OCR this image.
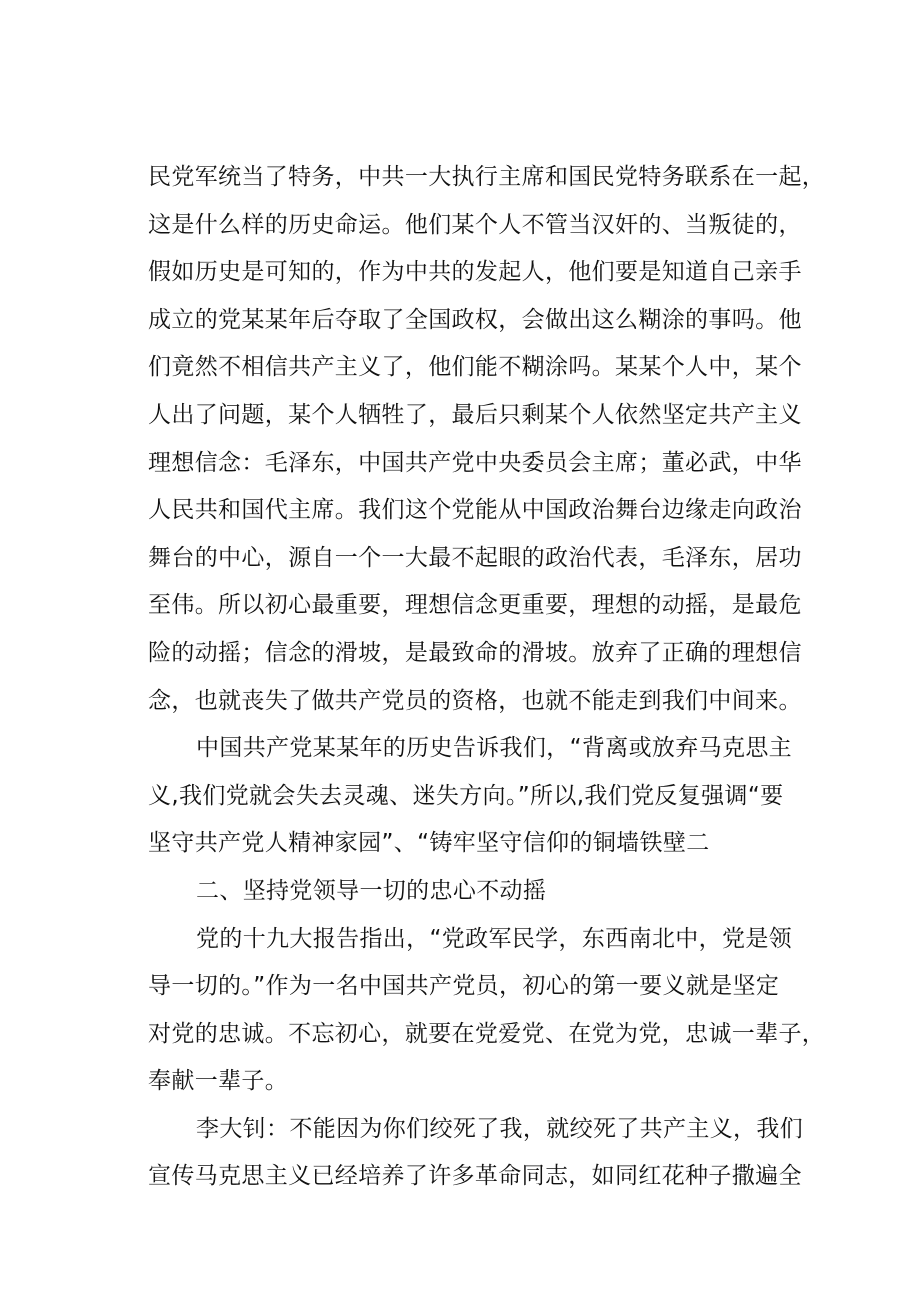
民党军统当了特务，中共一大执行主席和国民党特务联系在一起，
这是什么样的历史命运。他们某个人不管当汉奸的、当叛徒的，
假如历史是可知的，作为中共的发起人，他们要是知道自己亲手
成立的党某某年后夺取了全国政权，会做出这么糊涂的事吗。他
们竟然不相信共产主义了，他们能不糊涂吗。某某个人中，某个
人出了问题，某个人牺牲了，最后只剩某个人依然坚定共产主义
理想信念：毛泽东，中国共产党中央委员会主席；董必武，中华
人民共和国代主席。我们这个党能从中国政治舞台边缘走向政治
舞台的中心，源自一个一大最不起眼的政治代表，毛泽东，居功
至伟。所以初心最重要，理想信念更重要，理想的动摇，是最危
险的动摇；信念的滑坡，是最致命的滑坡。放弃了正确的理想信
念，也就丧失了做共产党员的资格，也就不能走到我们中间来。
中国共产党某某年的历史告诉我们，“背离或放弃马克思主
义,我们党就会失去灵魂、迷失方向。”所以,我们党反复强调“要
坚守共产党人精神家园”、“铸牢坚守信仰的铜墙铁壁二
二、坚持党领导一切的忠心不动摇
党的十九大报告指出，“党政军民学，东西南北中，党是领
导一切的。”作为一名中国共产党员，初心的第一要义就是坚定
对党的忠诚。不忘初心，就要在党爱党、在党为党，忠诚一辈子，
奉献一辈子。
李大钊：不能因为你们绞死了我，就绞死了共产主义，我们
宣传马克思主义已经培养了许多革命同志，如同红花种子撒遍全
